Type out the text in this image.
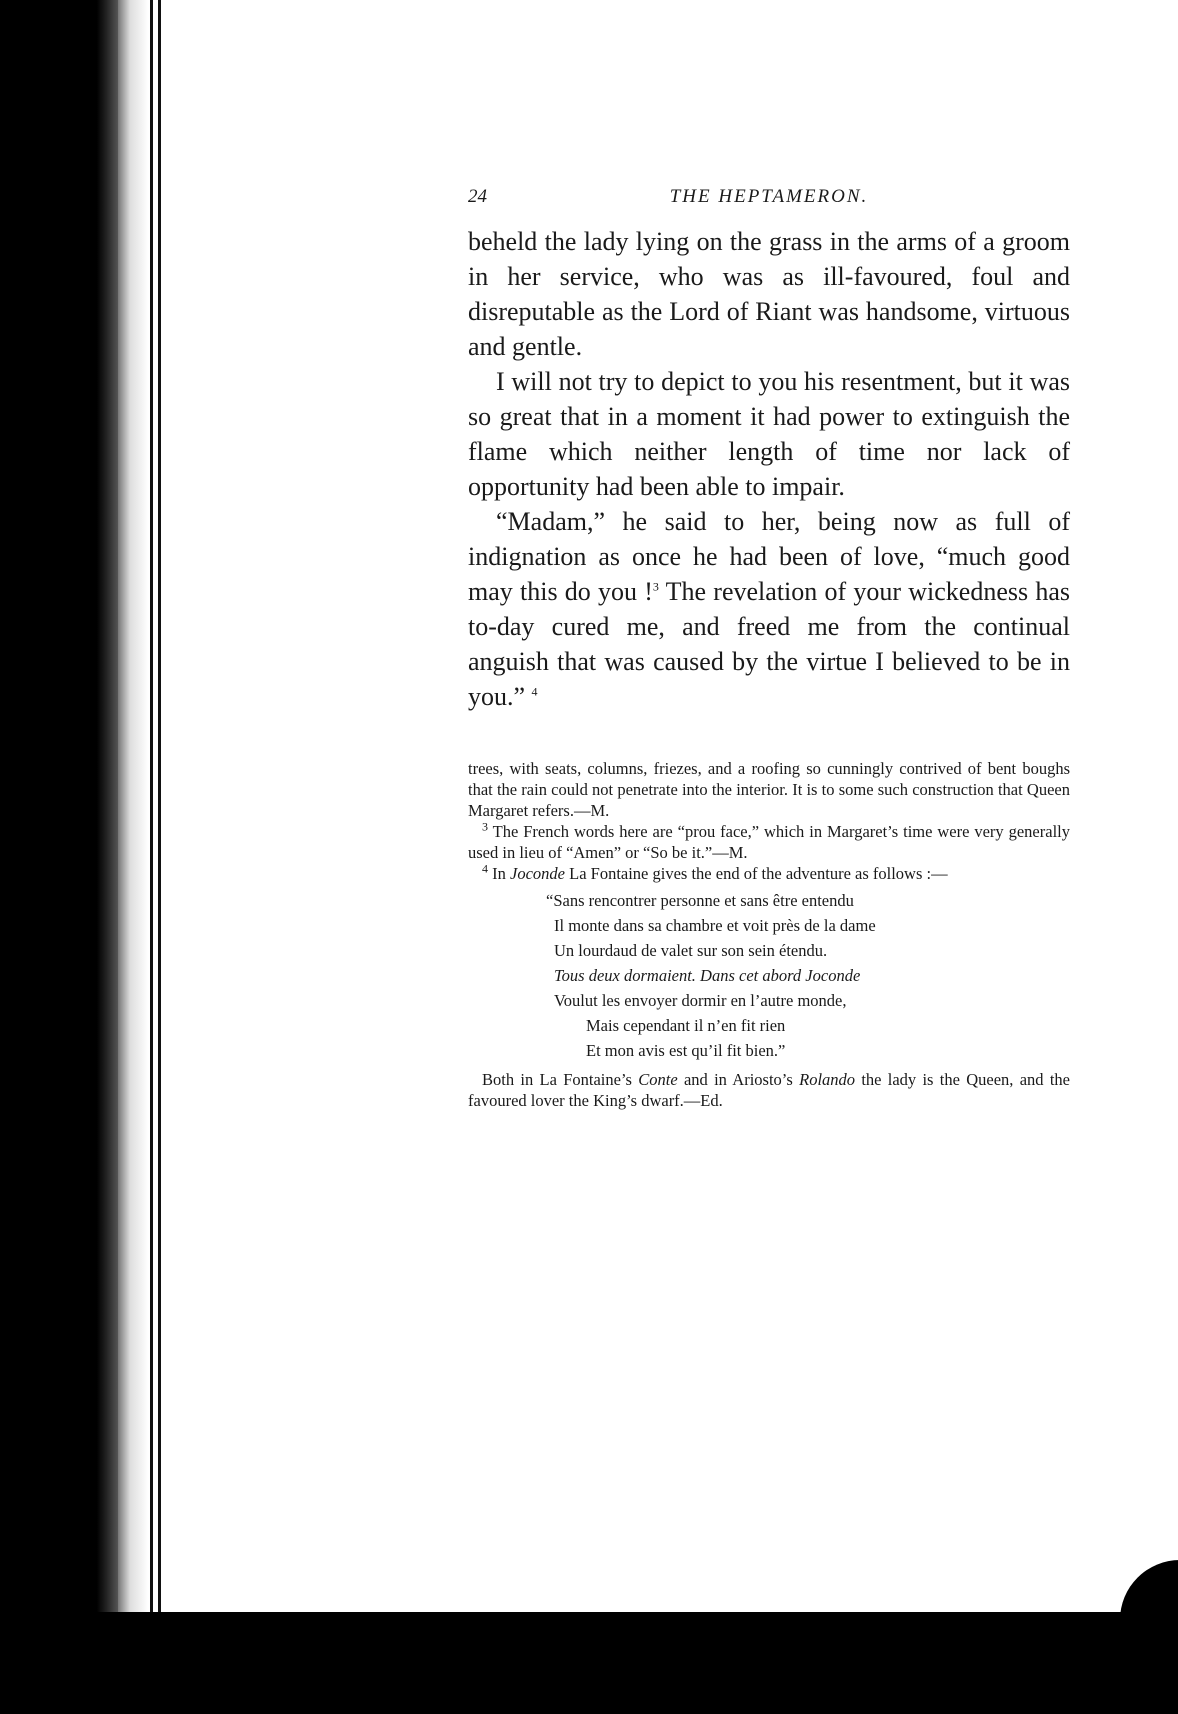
24	THE HEPTAMERON.

beheld the lady lying on the grass in the arms of a groom in her service, who was as ill-favoured, foul and disreputable as the Lord of Riant was handsome, virtuous and gentle.

I will not try to depict to you his resentment, but it was so great that in a moment it had power to extinguish the flame which neither length of time nor lack of opportunity had been able to impair.

“Madam,” he said to her, being now as full of indignation as once he had been of love, “much good may this do you !$^3$ The revelation of your wickedness has to-day cured me, and freed me from the continual anguish that was caused by the virtue I believed to be in you.” $^4$

trees, with seats, columns, friezes, and a roofing so cunningly contrived of bent boughs that the rain could not penetrate into the interior. It is to some such construction that Queen Margaret refers.—M.

$^3$ The French words here are “prou face,” which in Margaret’s time were very generally used in lieu of “Amen” or “So be it.”—M.

$^4$ In Joconde La Fontaine gives the end of the adventure as follows :—

“Sans rencontrer personne et sans être entendu
Il monte dans sa chambre et voit près de la dame
Un lourdaud de valet sur son sein étendu.
Tous deux dormaient. Dans cet abord Joconde
Voulut les envoyer dormir en l’autre monde,
Mais cependant il n’en fit rien
Et mon avis est qu’il fit bien.”

Both in La Fontaine’s Conte and in Ariosto’s Rolando the lady is the Queen, and the favoured lover the King’s dwarf.—Ed.
